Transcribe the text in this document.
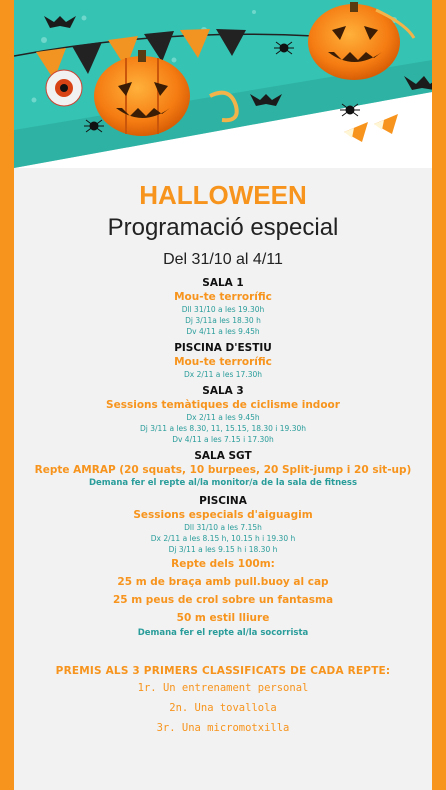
HALLOWEEN
Programació especial
Del 31/10 al 4/11
SALA 1
Mou-te terrorífic
Dll 31/10 a les 19.30h
Dj 3/11a les 18.30 h
Dv 4/11 a les 9.45h
PISCINA D'ESTIU
Mou-te terrorífic
Dx 2/11 a les 17.30h
SALA 3
Sessions temàtiques de ciclisme indoor
Dx 2/11 a les 9.45h
Dj 3/11 a les 8.30, 11, 15.15, 18.30 i 19.30h
Dv 4/11 a les 7.15 i 17.30h
SALA SGT
Repte AMRAP (20 squats, 10 burpees, 20 Split-jump i 20 sit-up)
Demana fer el repte al/la monitor/a de la sala de fitness
PISCINA
Sessions especials d'aiguagim
Dll 31/10 a les 7.15h
Dx 2/11 a les 8.15 h, 10.15 h i 19.30 h
Dj 3/11 a les 9.15 h i 18.30 h
Repte dels 100m:
25 m de braça amb pull.buoy al cap
25 m peus de crol sobre un fantasma
50 m estil lliure
Demana fer el repte al/la socorrista
PREMIS ALS 3 PRIMERS CLASSIFICATS DE CADA REPTE:
1r. Un entrenament personal
2n. Una tovallola
3r. Una micromotxilla
